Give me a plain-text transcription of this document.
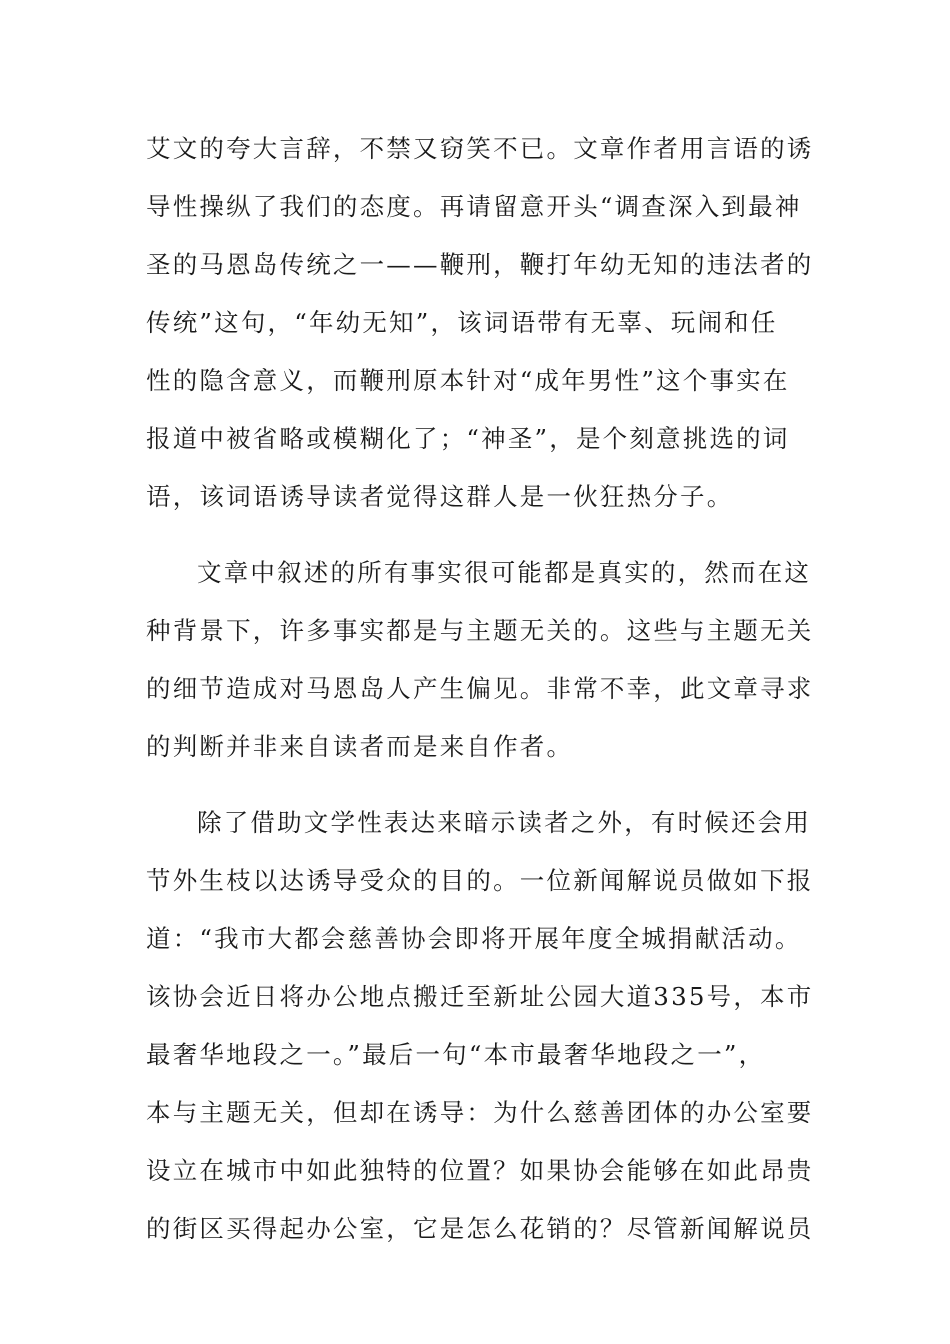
艾文的夸大言辞，不禁又窃笑不已。文章作者用言语的诱
导性操纵了我们的态度。再请留意开头“调查深入到最神
圣的马恩岛传统之一——鞭刑，鞭打年幼无知的违法者的
传统”这句，“年幼无知”，该词语带有无辜、玩闹和任
性的隐含意义，而鞭刑原本针对“成年男性”这个事实在
报道中被省略或模糊化了；“神圣”，是个刻意挑选的词
语，该词语诱导读者觉得这群人是一伙狂热分子。
文章中叙述的所有事实很可能都是真实的，然而在这
种背景下，许多事实都是与主题无关的。这些与主题无关
的细节造成对马恩岛人产生偏见。非常不幸，此文章寻求
的判断并非来自读者而是来自作者。
除了借助文学性表达来暗示读者之外，有时候还会用
节外生枝以达诱导受众的目的。一位新闻解说员做如下报
道：“我市大都会慈善协会即将开展年度全城捐献活动。
该协会近日将办公地点搬迁至新址公园大道335号，本市
最奢华地段之一。”最后一句“本市最奢华地段之一”，
本与主题无关，但却在诱导：为什么慈善团体的办公室要
设立在城市中如此独特的位置？如果协会能够在如此昂贵
的街区买得起办公室，它是怎么花销的？尽管新闻解说员
